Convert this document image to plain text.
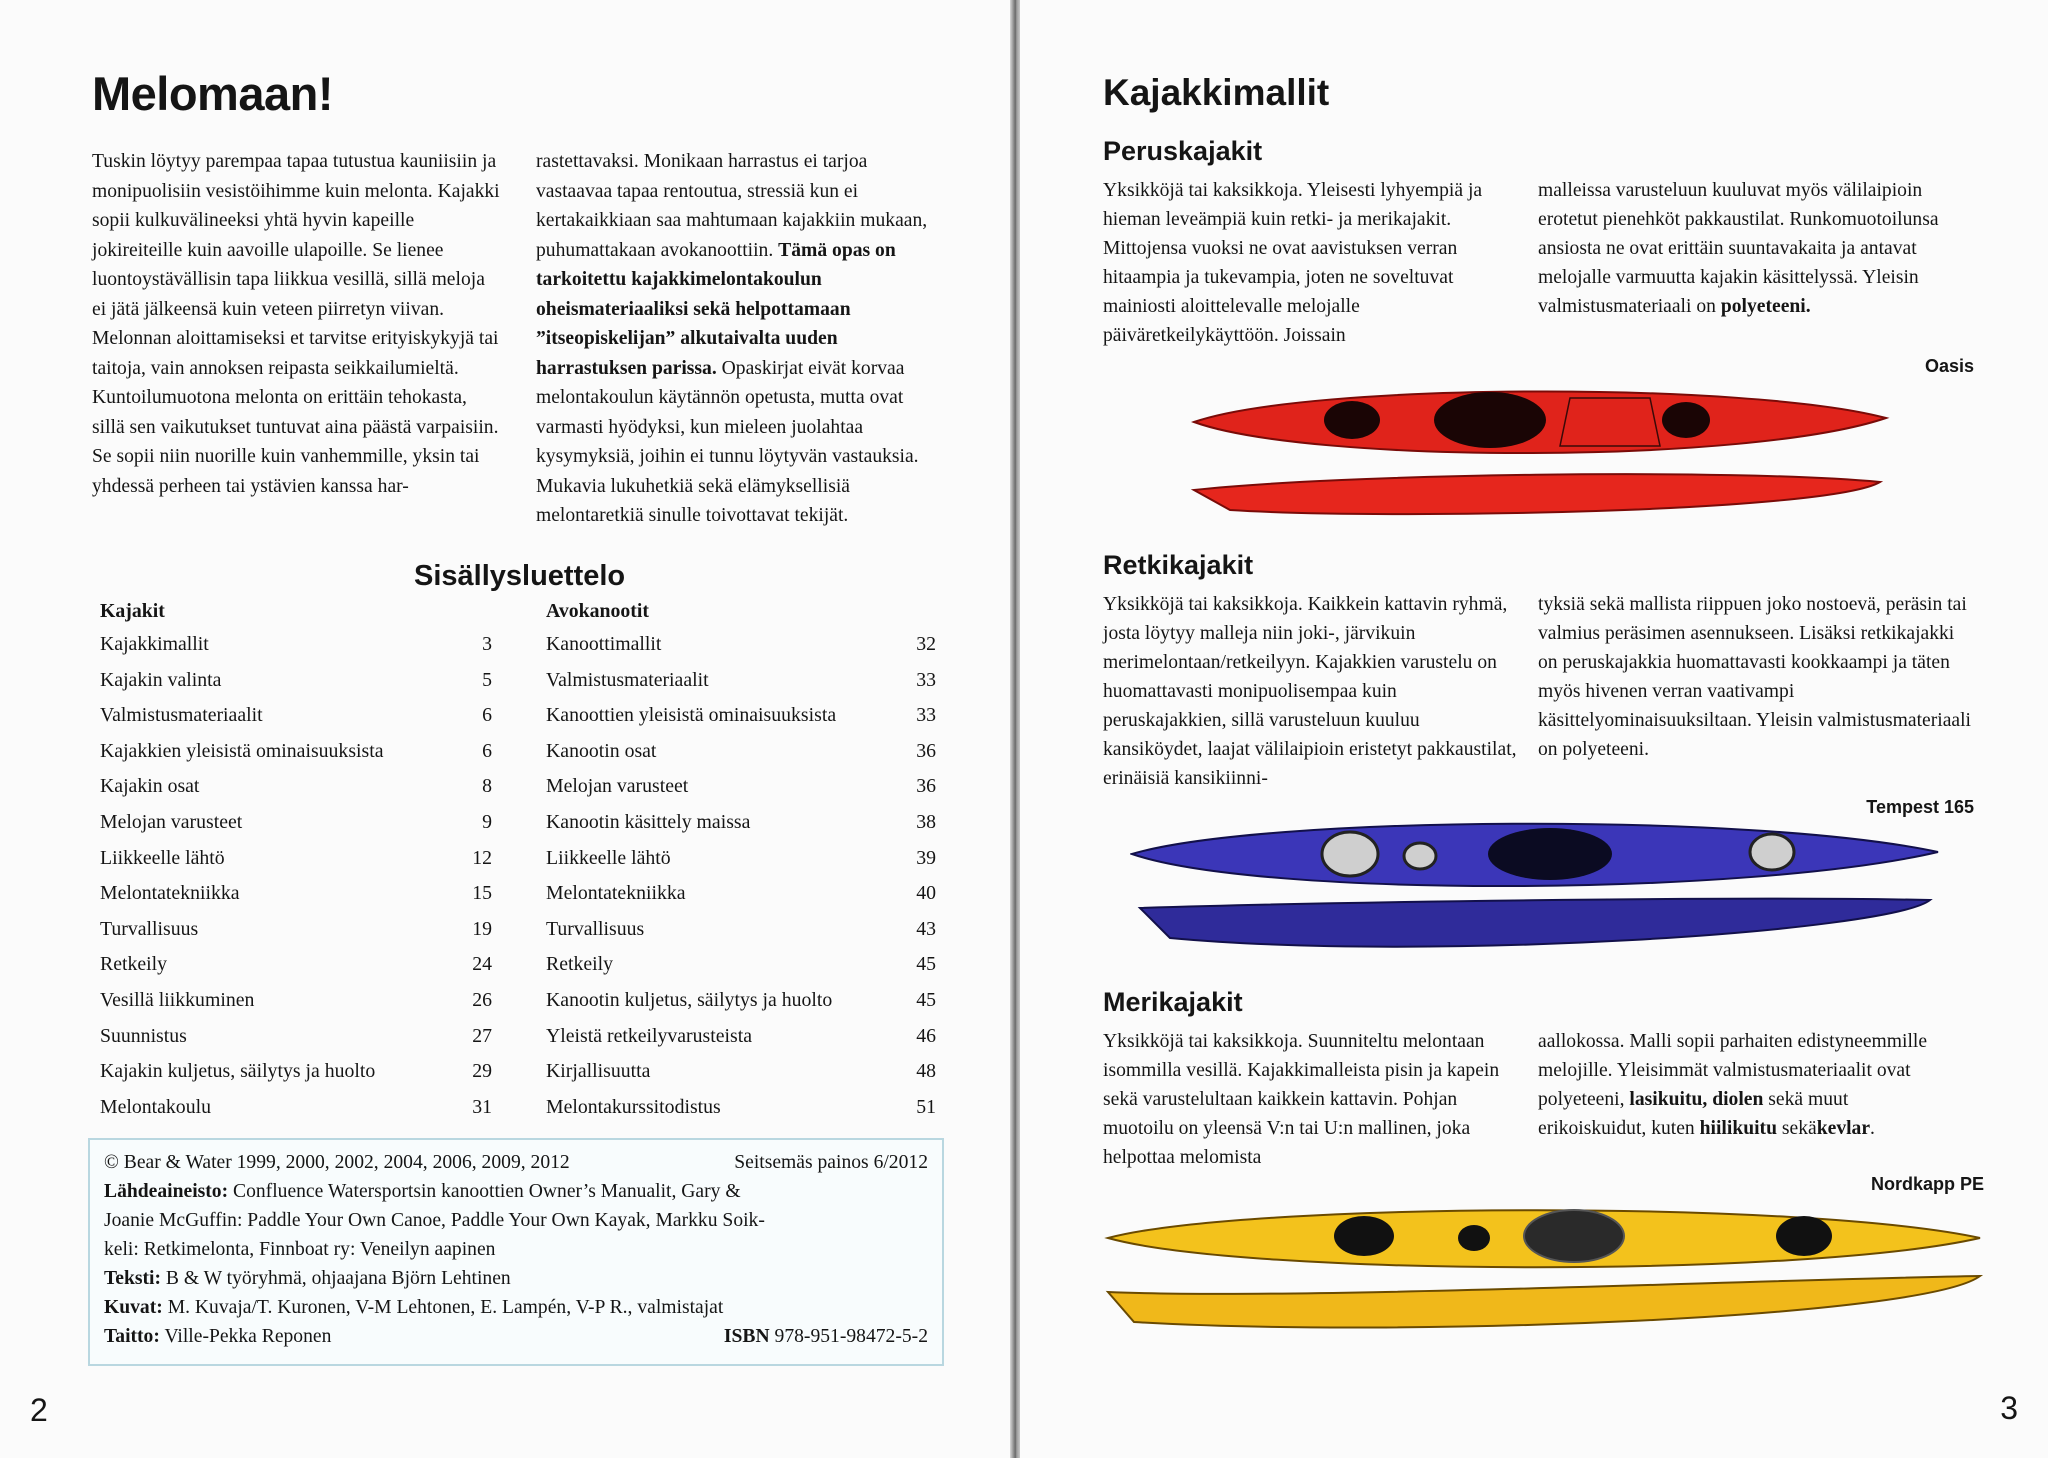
Melomaan!
Tuskin löytyy parempaa tapaa tutustua kauniisiin ja monipuolisiin vesistöihimme kuin melonta. Kajakki sopii kulkuvälineeksi yhtä hyvin kapeille jokireiteille kuin aavoille ulapoille. Se lienee luontoystävällisin tapa liikkua vesillä, sillä meloja ei jätä jälkeensä kuin veteen piirretyn viivan. Melonnan aloittamiseksi et tarvitse erityiskykyjä tai taitoja, vain annoksen reipasta seikkailumieltä. Kuntoilumuotona melonta on erittäin tehokasta, sillä sen vaikutukset tuntuvat aina päästä varpaisiin. Se sopii niin nuorille kuin vanhemmille, yksin tai yhdessä perheen tai ystävien kanssa har-
rastettavaksi. Monikaan harrastus ei tarjoa vastaavaa tapaa rentoutua, stressiä kun ei kertakaikkiaan saa mahtumaan kajakkiin mukaan, puhumattakaan avokanoottiin. Tämä opas on tarkoitettu kajakkimelontakoulun oheismateriaaliksi sekä helpottamaan ”itseopiskelijan” alkutaivalta uuden harrastuksen parissa. Opaskirjat eivät korvaa melontakoulun käytännön opetusta, mutta ovat varmasti hyödyksi, kun mieleen juolahtaa kysymyksiä, joihin ei tunnu löytyvän vastauksia. Mukavia lukuhetkiä sekä elämyksellisiä melontaretkiä sinulle toivottavat tekijät.
Sisällysluettelo
Kajakit
Kajakkimallit	3
Kajakin valinta	5
Valmistusmateriaalit	6
Kajakkien yleisistä ominaisuuksista	6
Kajakin osat	8
Melojan varusteet	9
Liikkeelle lähtö	12
Melontatekniikka	15
Turvallisuus	19
Retkeily	24
Vesillä liikkuminen	26
Suunnistus	27
Kajakin kuljetus, säilytys ja huolto	29
Melontakoulu	31
Avokanootit
Kanoottimallit	32
Valmistusmateriaalit	33
Kanoottien yleisistä ominaisuuksista	33
Kanootin osat	36
Melojan varusteet	36
Kanootin käsittely maissa	38
Liikkeelle lähtö	39
Melontatekniikka	40
Turvallisuus	43
Retkeily	45
Kanootin kuljetus, säilytys ja huolto	45
Yleistä retkeilyvarusteista	46
Kirjallisuutta	48
Melontakurssitodistus	51
© Bear & Water 1999, 2000, 2002, 2004, 2006, 2009, 2012	Seitsemäs painos 6/2012
Lähdeaineisto: Confluence Watersportsin kanoottien Owner’s Manualit, Gary &
Joanie McGuffin: Paddle Your Own Canoe, Paddle Your Own Kayak, Markku Soik-
keli: Retkimelonta, Finnboat ry: Veneilyn aapinen
Teksti: B & W työryhmä, ohjaajana Björn Lehtinen
Kuvat: M. Kuvaja/T. Kuronen, V-M Lehtonen, E. Lampén, V-P R., valmistajat
Taitto: Ville-Pekka Reponen	ISBN 978-951-98472-5-2
2
Kajakkimallit
Peruskajakit
Yksikköjä tai kaksikkoja. Yleisesti lyhyempiä ja hieman leveämpiä kuin retki- ja merikajakit. Mittojensa vuoksi ne ovat aavistuksen verran hitaampia ja tukevampia, joten ne soveltuvat mainiosti aloittelevalle melojalle päiväretkeilykäyttöön. Joissain
malleissa varusteluun kuuluvat myös välilaipioin erotetut pienehköt pakkaustilat. Runkomuotoilunsa ansiosta ne ovat erittäin suuntavakaita ja antavat melojalle varmuutta kajakin käsittelyssä. Yleisin valmistusmateriaali on polyeteeni.
Oasis
Retkikajakit
Yksikköjä tai kaksikkoja. Kaikkein kattavin ryhmä, josta löytyy malleja niin joki-, järvikuin merimelontaan/retkeilyyn. Kajakkien varustelu on huomattavasti monipuolisempaa kuin peruskajakkien, sillä varusteluun kuuluu kansiköydet, laajat välilaipioin eristetyt pakkaustilat, erinäisiä kansikiinni-
tyksiä sekä mallista riippuen joko nostoevä, peräsin tai valmius peräsimen asennukseen. Lisäksi retkikajakki on peruskajakkia huomattavasti kookkaampi ja täten myös hivenen verran vaativampi käsittelyominaisuuksiltaan. Yleisin valmistusmateriaali on polyeteeni.
Tempest 165
Merikajakit
Yksikköjä tai kaksikkoja. Suunniteltu melontaan isommilla vesillä. Kajakkimalleista pisin ja kapein sekä varustelultaan kaikkein kattavin. Pohjan muotoilu on yleensä V:n tai U:n mallinen, joka helpottaa melomista
aallokossa. Malli sopii parhaiten edistyneemmille melojille. Yleisimmät valmistusmateriaalit ovat polyeteeni, lasikuitu, diolen sekä muut erikoiskuidut, kuten hiilikuitu sekäkevlar.
Nordkapp PE
3
